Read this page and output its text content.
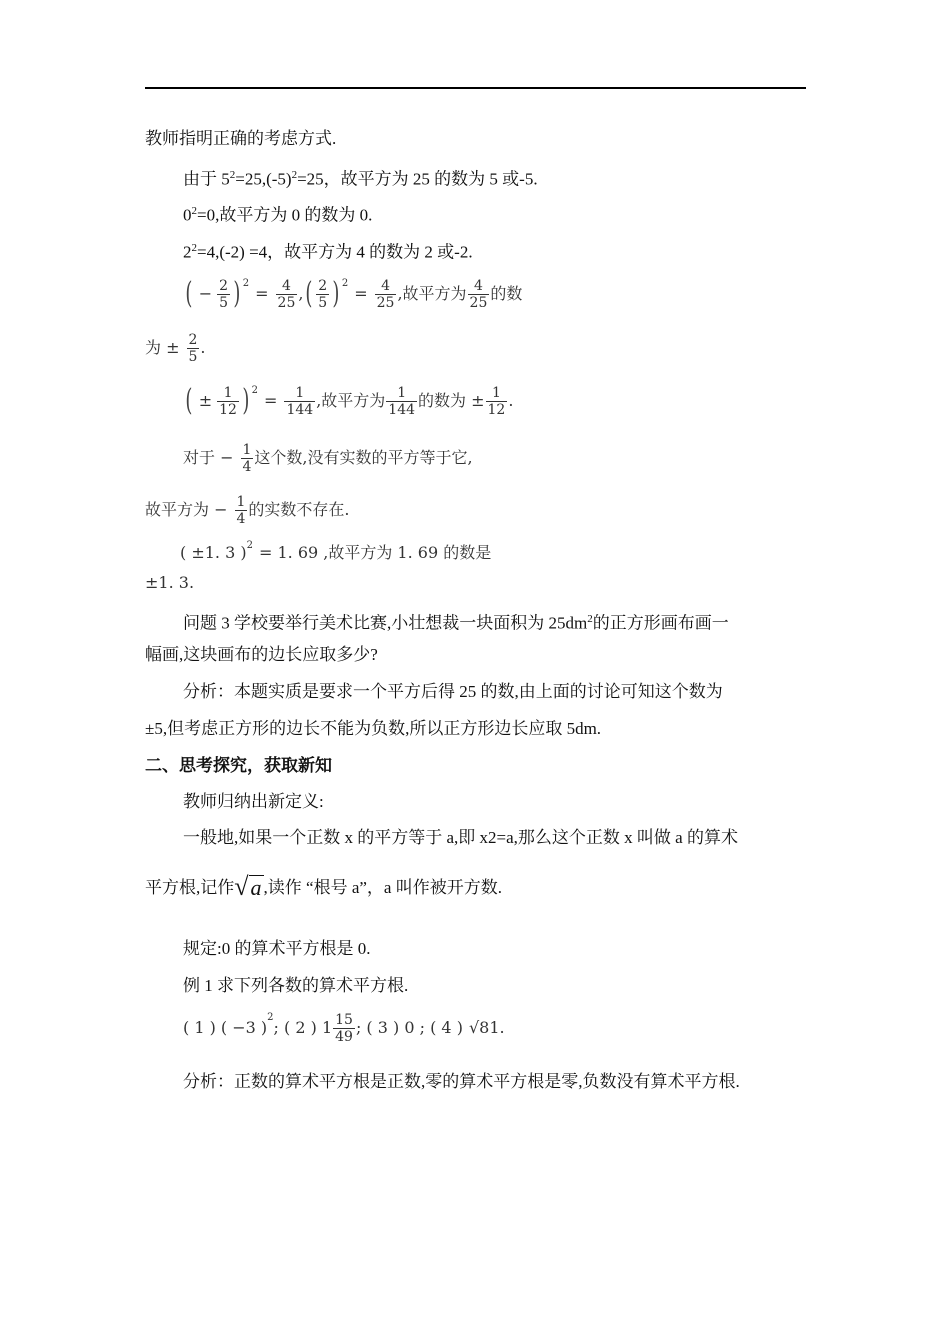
教师指明正确的考虑方式.
由于 $5^2=25,(-5)^2=25$，故平方为 25 的数为 5 或-5.
$0^2=0$,故平方为 0 的数为 0.
$2^2=4,(-2) =4$，故平方为 4 的数为 2 或-2.
( − $\frac{2}{5}$ ) 2
= $\frac{4}{25}$ , ( $\frac{2}{5}$ ) 2
= $\frac{4}{25}$ ,故平方为 $\frac{4}{25}$ 的数
为 ± $\frac{2}{5}$ .
( ± $\frac{1}{12}$ ) 2
= $\frac{1}{144}$ ,故平方为 $\frac{1}{144}$ 的数为 ± $\frac{1}{12}$ .
对于 − $\frac{1}{4}$ 这个数,没有实数的平方等于它,
故平方为 − $\frac{1}{4}$ 的实数不存在.
( ±1. 3 ) 2 = 1. 69 ,故平方为 1. 69 的数是
±1. 3.
问题 3 学校要举行美术比赛,小壮想裁一块面积为 $25dm^2$的正方形画布画一
幅画,这块画布的边长应取多少?
分析：本题实质是要求一个平方后得 25 的数,由上面的讨论可知这个数为
±5,但考虑正方形的边长不能为负数,所以正方形边长应取 5dm.
二、思考探究，获取新知
教师归纳出新定义:
一般地,如果一个正数 x 的平方等于 a,即 x2=a,那么这个正数 x 叫做 a 的算术
平方根,记作 √ a ,读作 “根号 a”，a 叫作被开方数.
规定:0 的算术平方根是 0.
例 1 求下列各数的算术平方根.
( 1 ) ( −3 )
2
; ( 2 ) $1 \frac{15}{49}$ ; ( 3 ) 0 ; ( 4 ) √81.
分析：正数的算术平方根是正数,零的算术平方根是零,负数没有算术平方根.
